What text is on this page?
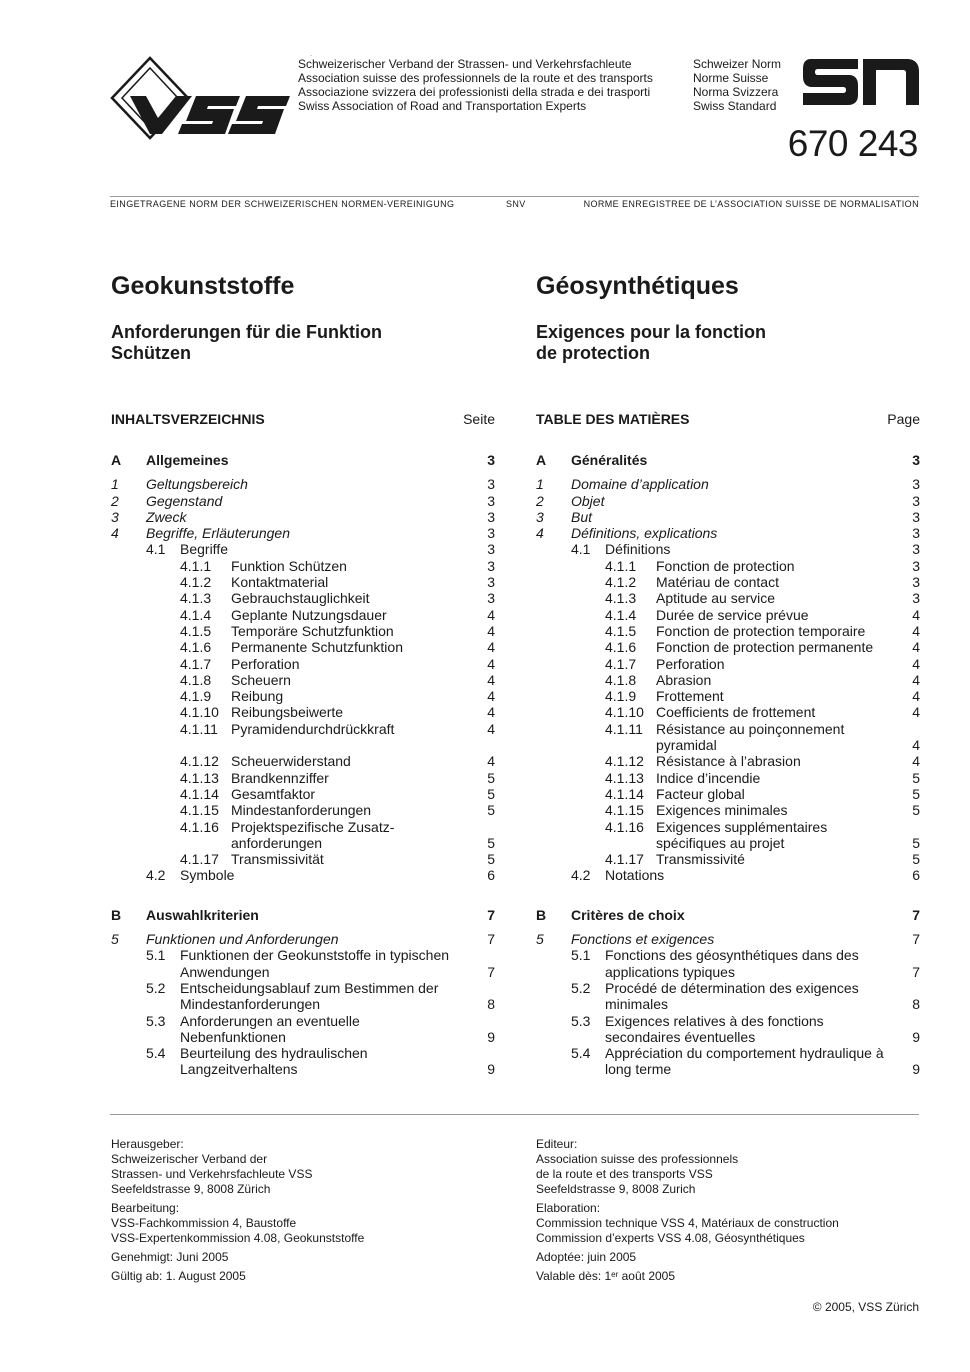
VSS
Schweizerischer Verband der Strassen- und Verkehrsfachleute
Association suisse des professionnels de la route et des transports
Associazione svizzera dei professionisti della strada e dei trasporti
Swiss Association of Road and Transportation Experts
Schweizer Norm
Norme Suisse
Norma Svizzera
Swiss Standard
670 243
EINGETRAGENE NORM DER SCHWEIZERISCHEN NORMEN-VEREINIGUNG	SNV	NORME ENREGISTREE DE L’ASSOCIATION SUISSE DE NORMALISATION
Geokunststoffe
Anforderungen für die Funktion
Schützen
INHALTSVERZEICHNIS	Seite
A	Allgemeines	3
1	Geltungsbereich	3
2	Gegenstand	3
3	Zweck	3
4	Begriffe, Erläuterungen	3
4.1	Begriffe	3
4.1.1	Funktion Schützen	3
4.1.2	Kontaktmaterial	3
4.1.3	Gebrauchstauglichkeit	3
4.1.4	Geplante Nutzungsdauer	4
4.1.5	Temporäre Schutzfunktion	4
4.1.6	Permanente Schutzfunktion	4
4.1.7	Perforation	4
4.1.8	Scheuern	4
4.1.9	Reibung	4
4.1.10 Reibungsbeiwerte	4
4.1.11 Pyramidendurchdrückkraft	4
4.1.12 Scheuerwiderstand	4
4.1.13 Brandkennziffer	5
4.1.14 Gesamtfaktor	5
4.1.15 Mindestanforderungen	5
4.1.16 Projektspezifische Zusatz- anforderungen	5
4.1.17 Transmissivität	5
4.2	Symbole	6
B	Auswahlkriterien	7
5	Funktionen und Anforderungen	7
5.1	Funktionen der Geokunststoffe in typischen Anwendungen	7
5.2	Entscheidungsablauf zum Bestimmen der Mindestanforderungen	8
5.3	Anforderungen an eventuelle Nebenfunktionen	9
5.4	Beurteilung des hydraulischen Langzeitverhaltens	9
Géosynthétiques
Exigences pour la fonction
de protection
TABLE DES MATIÈRES	Page
A	Généralités	3
1	Domaine d’application	3
2	Objet	3
3	But	3
4	Définitions, explications	3
4.1	Définitions	3
4.1.1	Fonction de protection	3
4.1.2	Matériau de contact	3
4.1.3	Aptitude au service	3
4.1.4	Durée de service prévue	4
4.1.5	Fonction de protection temporaire	4
4.1.6	Fonction de protection permanente	4
4.1.7	Perforation	4
4.1.8	Abrasion	4
4.1.9	Frottement	4
4.1.10 Coefficients de frottement	4
4.1.11 Résistance au poinçonnement pyramidal	4
4.1.12 Résistance à l’abrasion	4
4.1.13 Indice d’incendie	5
4.1.14 Facteur global	5
4.1.15 Exigences minimales	5
4.1.16 Exigences supplémentaires spécifiques au projet	5
4.1.17 Transmissivité	5
4.2	Notations	6
B	Critères de choix	7
5	Fonctions et exigences	7
5.1	Fonctions des géosynthétiques dans des applications typiques	7
5.2	Procédé de détermination des exigences minimales	8
5.3	Exigences relatives à des fonctions secondaires éventuelles	9
5.4	Appréciation du comportement hydraulique à long terme	9

Herausgeber:
Schweizerischer Verband der
Strassen- und Verkehrsfachleute VSS
Seefeldstrasse 9, 8008 Zürich

Bearbeitung:
VSS-Fachkommission 4, Baustoffe
VSS-Expertenkommission 4.08, Geokunststoffe

Genehmigt: Juni 2005

Gültig ab: 1. August 2005

Editeur:
Association suisse des professionnels
de la route et des transports VSS
Seefeldstrasse 9, 8008 Zurich

Elaboration:
Commission technique VSS 4, Matériaux de construction
Commission d’experts VSS 4.08, Géosynthétiques

Adoptée: juin 2005

Valable dès: 1er août 2005

© 2005, VSS Zürich
